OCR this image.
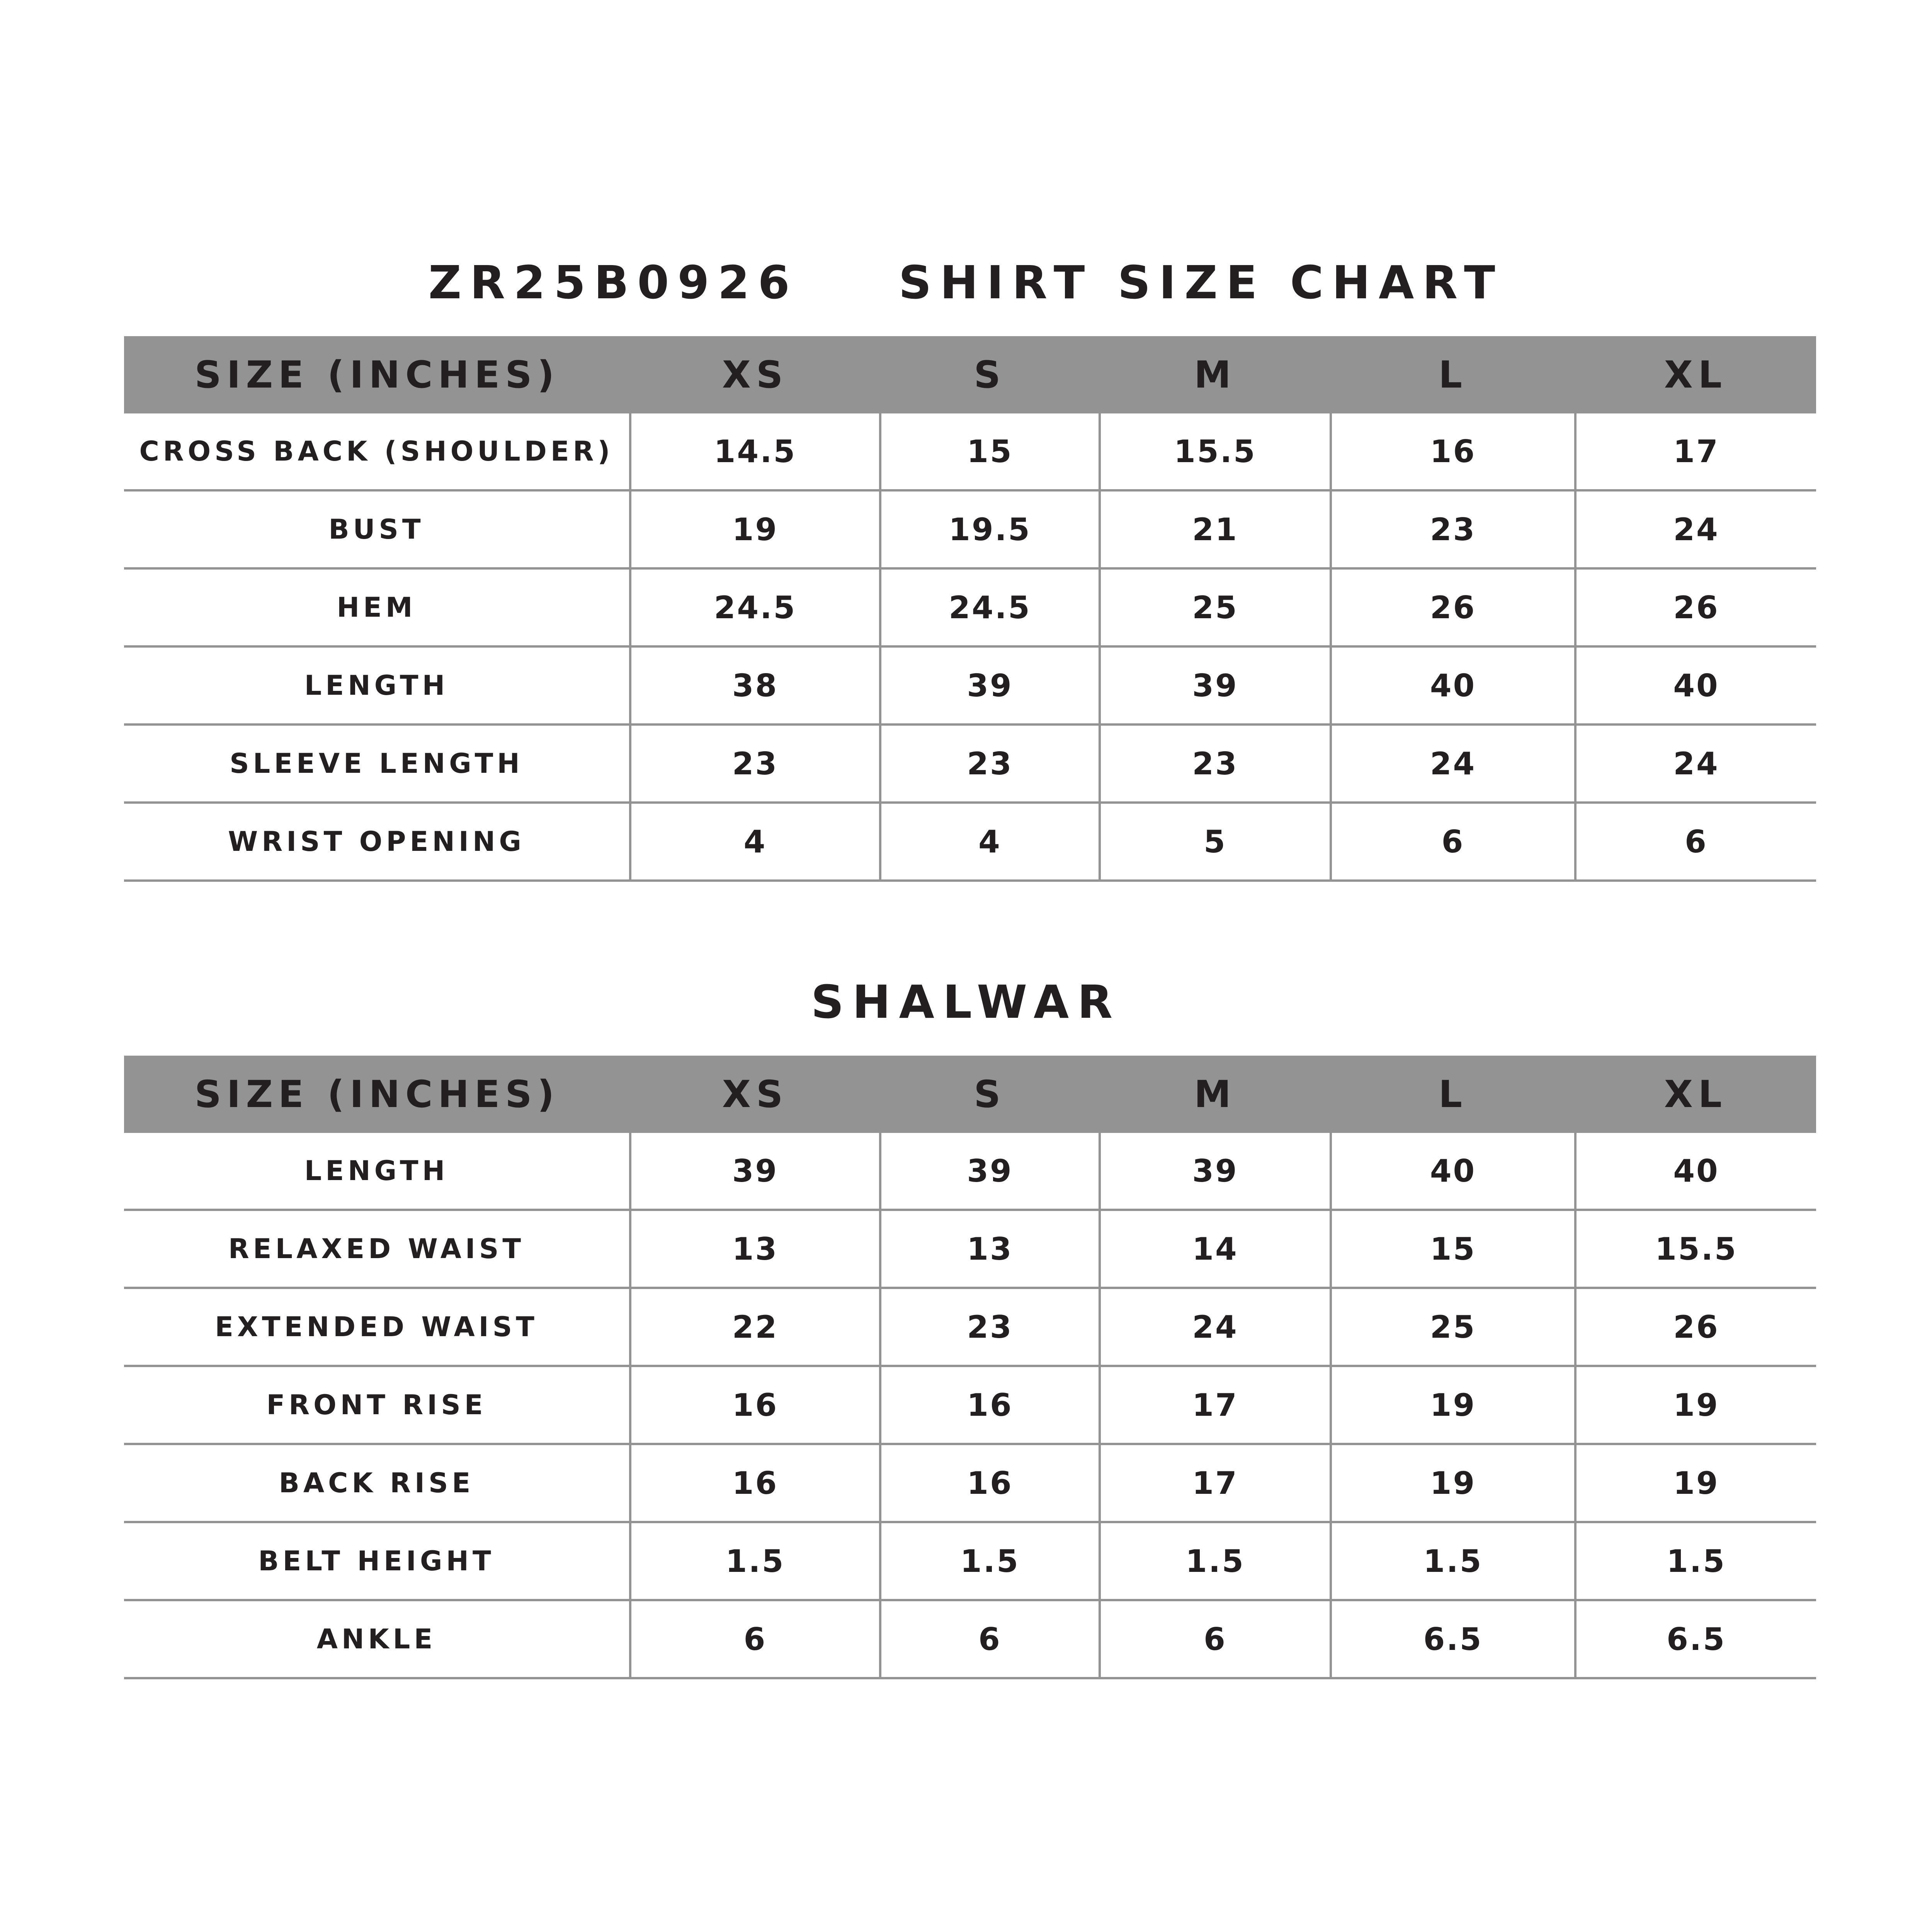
ZR25B0926 SHIRT SIZE CHART
SIZE (INCHES)	XS	S	M	L	XL
CROSS BACK (SHOULDER)	14.5	15	15.5	16	17
BUST	19	19.5	21	23	24
HEM	24.5	24.5	25	26	26
LENGTH	38	39	39	40	40
SLEEVE LENGTH	23	23	23	24	24
WRIST OPENING	4	4	5	6	6
SHALWAR
SIZE (INCHES)	XS	S	M	L	XL
LENGTH	39	39	39	40	40
RELAXED WAIST	13	13	14	15	15.5
EXTENDED WAIST	22	23	24	25	26
FRONT RISE	16	16	17	19	19
BACK RISE	16	16	17	19	19
BELT HEIGHT	1.5	1.5	1.5	1.5	1.5
ANKLE	6	6	6	6.5	6.5
